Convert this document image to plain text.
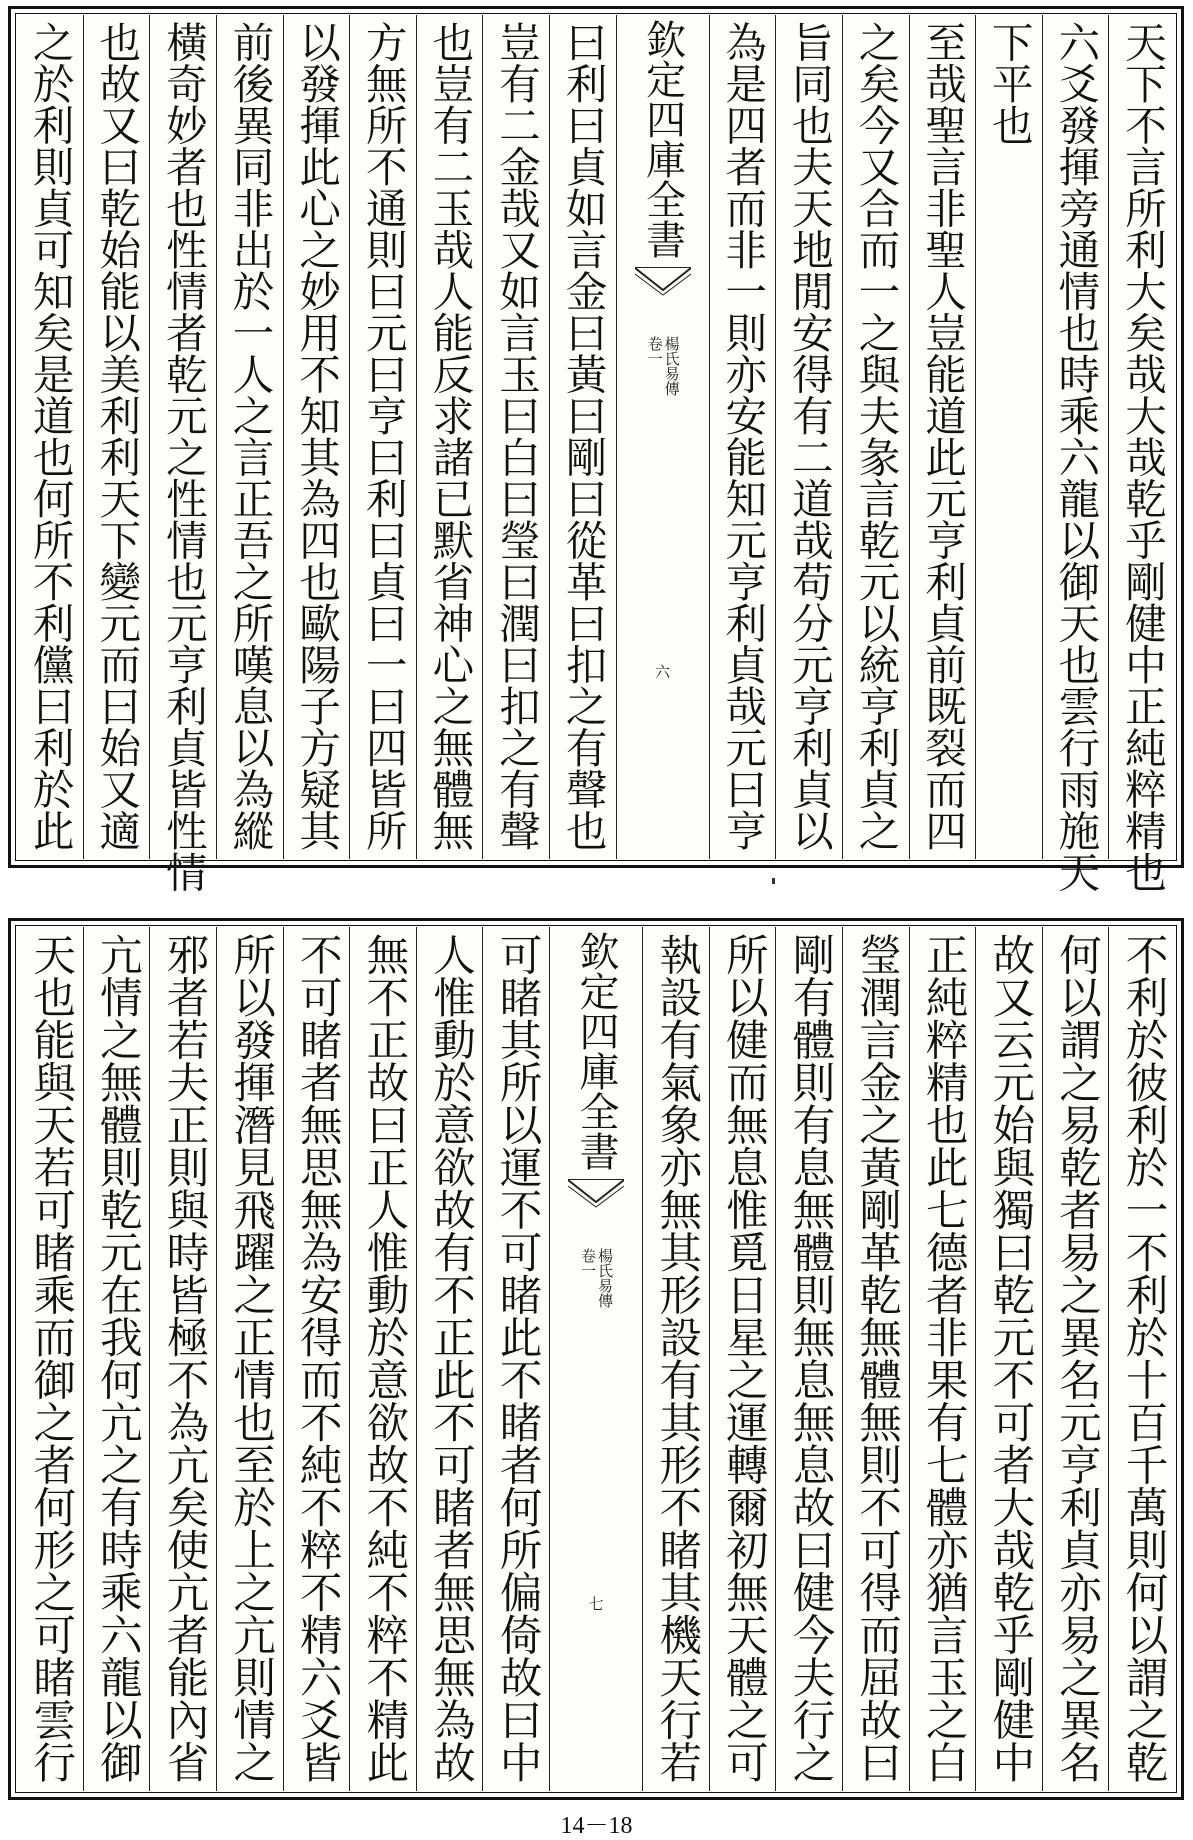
天下不言所利大矣哉大哉乾乎剛健中正純粹精也
六爻發揮旁通情也時乘六龍以御天也雲行雨施天
下平也
至哉聖言非聖人豈能道此元亨利貞前既裂而四
之矣今又合而一之與夫彖言乾元以統亨利貞之
旨同也夫天地閒安得有二道哉苟分元亨利貞以
為是四者而非一則亦安能知元亨利貞哉元曰亨
欽定四庫全書
楊氏易傳
卷一
六
曰利曰貞如言金曰黃曰剛曰從革曰扣之有聲也
豈有二金哉又如言玉曰白曰瑩曰潤曰扣之有聲
也豈有二玉哉人能反求諸已默省神心之無體無
方無所不通則曰元曰亨曰利曰貞曰一曰四皆所
以發揮此心之妙用不知其為四也歐陽子方疑其
前後異同非出於一人之言正吾之所嘆息以為縱
橫奇妙者也性情者乾元之性情也元亨利貞皆性情
也故又曰乾始能以美利利天下變元而曰始又適
之於利則貞可知矣是道也何所不利儻曰利於此
不利於彼利於一不利於十百千萬則何以謂之乾
何以謂之易乾者易之異名元亨利貞亦易之異名
故又云元始與獨曰乾元不可者大哉乾乎剛健中
正純粹精也此七德者非果有七體亦猶言玉之白
瑩潤言金之黃剛革乾無體無則不可得而屈故曰
剛有體則有息無體則無息無息故曰健今夫行之
所以健而無息惟覓日星之運轉爾初無天體之可
執設有氣象亦無其形設有其形不睹其機天行若
欽定四庫全書
楊氏易傳
卷一
七
可睹其所以運不可睹此不睹者何所偏倚故曰中
人惟動於意欲故有不正此不可睹者無思無為故
無不正故曰正人惟動於意欲故不純不粹不精此
不可睹者無思無為安得而不純不粹不精六爻皆
所以發揮潛見飛躍之正情也至於上之亢則情之
邪者若夫正則與時皆極不為亢矣使亢者能內省
亢情之無體則乾元在我何亢之有時乘六龍以御
天也能與天若可睹乘而御之者何形之可睹雲行
14－18
